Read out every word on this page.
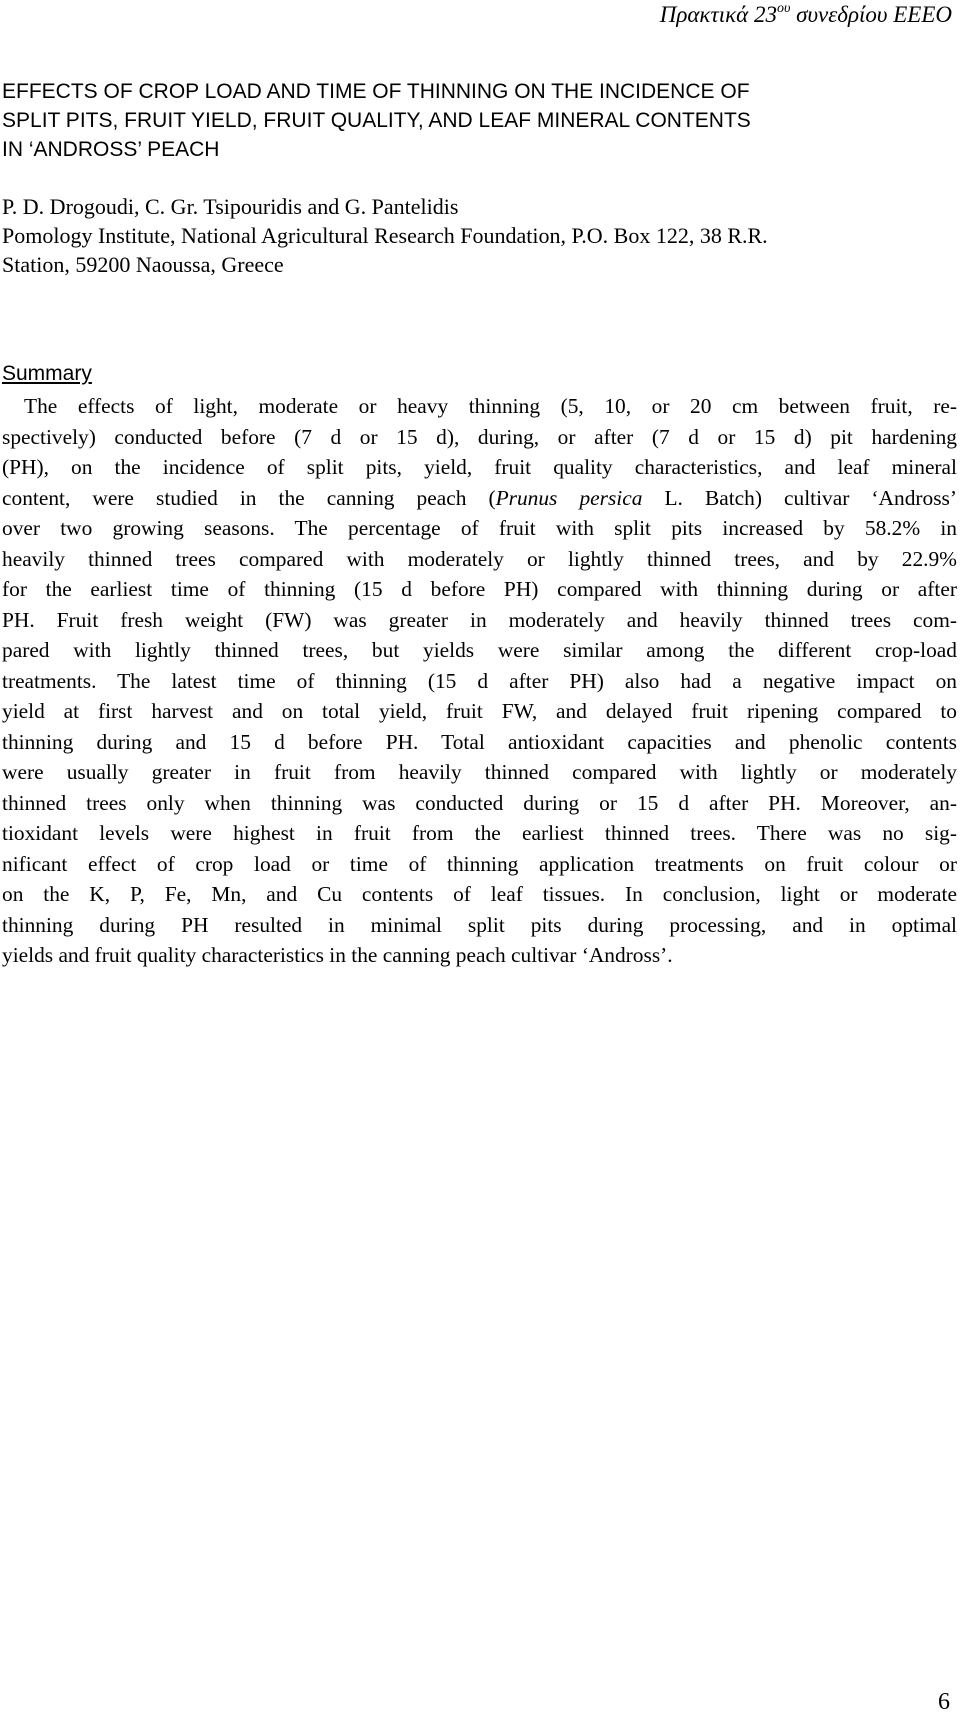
Πρακτικά $23^{o\upsilon}$ συνεδρίου ΕΕΕΟ
EFFECTS OF CROP LOAD AND TIME OF THINNING ON THE INCIDENCE OF
SPLIT PITS, FRUIT YIELD, FRUIT QUALITY, AND LEAF MINERAL CONTENTS
IN ‘ANDROSS’ PEACH
P. D. Drogoudi, C. Gr. Tsipouridis and G. Pantelidis
Pomology Institute, National Agricultural Research Foundation, P.O. Box 122, 38 R.R.
Station, 59200 Naoussa, Greece
Summary
The effects of light, moderate or heavy thinning (5, 10, or 20 cm between fruit, re-
spectively) conducted before (7 d or 15 d), during, or after (7 d or 15 d) pit hardening
(PH), on the incidence of split pits, yield, fruit quality characteristics, and leaf mineral
content, were studied in the canning peach (Prunus persica L. Batch) cultivar ‘Andross’
over two growing seasons. The percentage of fruit with split pits increased by 58.2% in
heavily thinned trees compared with moderately or lightly thinned trees, and by 22.9%
for the earliest time of thinning (15 d before PH) compared with thinning during or after
PH. Fruit fresh weight (FW) was greater in moderately and heavily thinned trees com-
pared with lightly thinned trees, but yields were similar among the different crop-load
treatments. The latest time of thinning (15 d after PH) also had a negative impact on
yield at first harvest and on total yield, fruit FW, and delayed fruit ripening compared to
thinning during and 15 d before PH. Total antioxidant capacities and phenolic contents
were usually greater in fruit from heavily thinned compared with lightly or moderately
thinned trees only when thinning was conducted during or 15 d after PH. Moreover, an-
tioxidant levels were highest in fruit from the earliest thinned trees. There was no sig-
nificant effect of crop load or time of thinning application treatments on fruit colour or
on the K, P, Fe, Mn, and Cu contents of leaf tissues. In conclusion, light or moderate
thinning during PH resulted in minimal split pits during processing, and in optimal
yields and fruit quality characteristics in the canning peach cultivar ‘Andross’.
6
